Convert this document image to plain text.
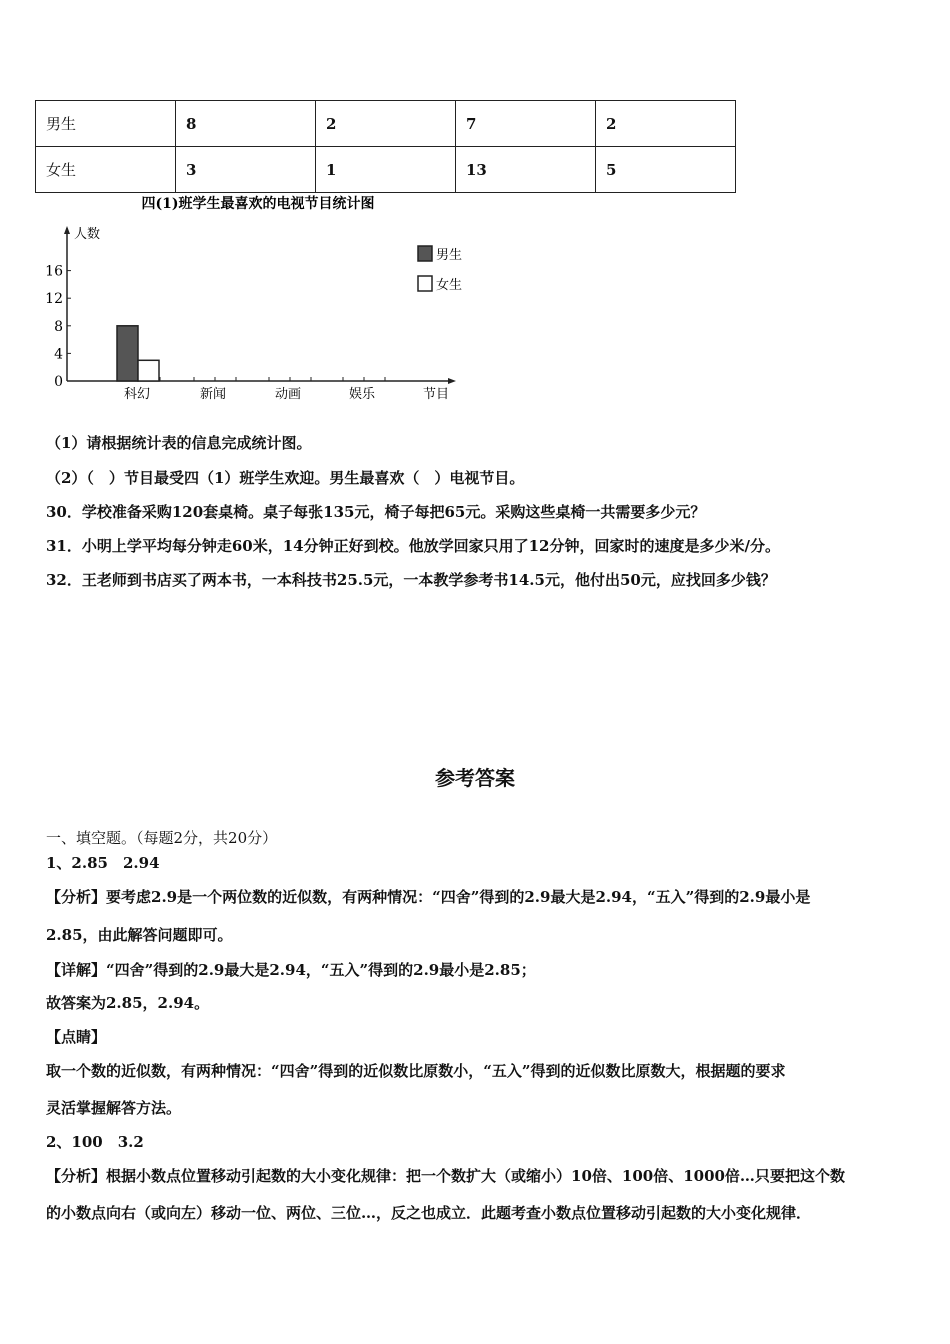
男生	8	2	7	2
女生	3	1	13	5
四(1)班学生最喜欢的电视节目统计图
人数
节目
0
4
8
12
16
科幻	新闻	动画	娱乐
男生
女生
（1）请根据统计表的信息完成统计图。
（2）（　）节目最受四（1）班学生欢迎。男生最喜欢（　）电视节目。
30．学校准备采购120套桌椅。桌子每张135元，椅子每把65元。采购这些桌椅一共需要多少元？
31．小明上学平均每分钟走60米，14分钟正好到校。他放学回家只用了12分钟，回家时的速度是多少米/分。
32．王老师到书店买了两本书，一本科技书25.5元，一本教学参考书14.5元，他付出50元，应找回多少钱？
参考答案
一、填空题。（每题2分，共20分）
1、2.85　2.94
【分析】要考虑2.9是一个两位数的近似数，有两种情况：“四舍”得到的2.9最大是2.94，“五入”得到的2.9最小是
2.85，由此解答问题即可。
【详解】“四舍”得到的2.9最大是2.94，“五入”得到的2.9最小是2.85；
故答案为2.85，2.94。
【点睛】
取一个数的近似数，有两种情况：“四舍”得到的近似数比原数小，“五入”得到的近似数比原数大，根据题的要求
灵活掌握解答方法。
2、100　3.2
【分析】根据小数点位置移动引起数的大小变化规律：把一个数扩大（或缩小）10倍、100倍、1000倍…只要把这个数
的小数点向右（或向左）移动一位、两位、三位…，反之也成立．此题考查小数点位置移动引起数的大小变化规律．
